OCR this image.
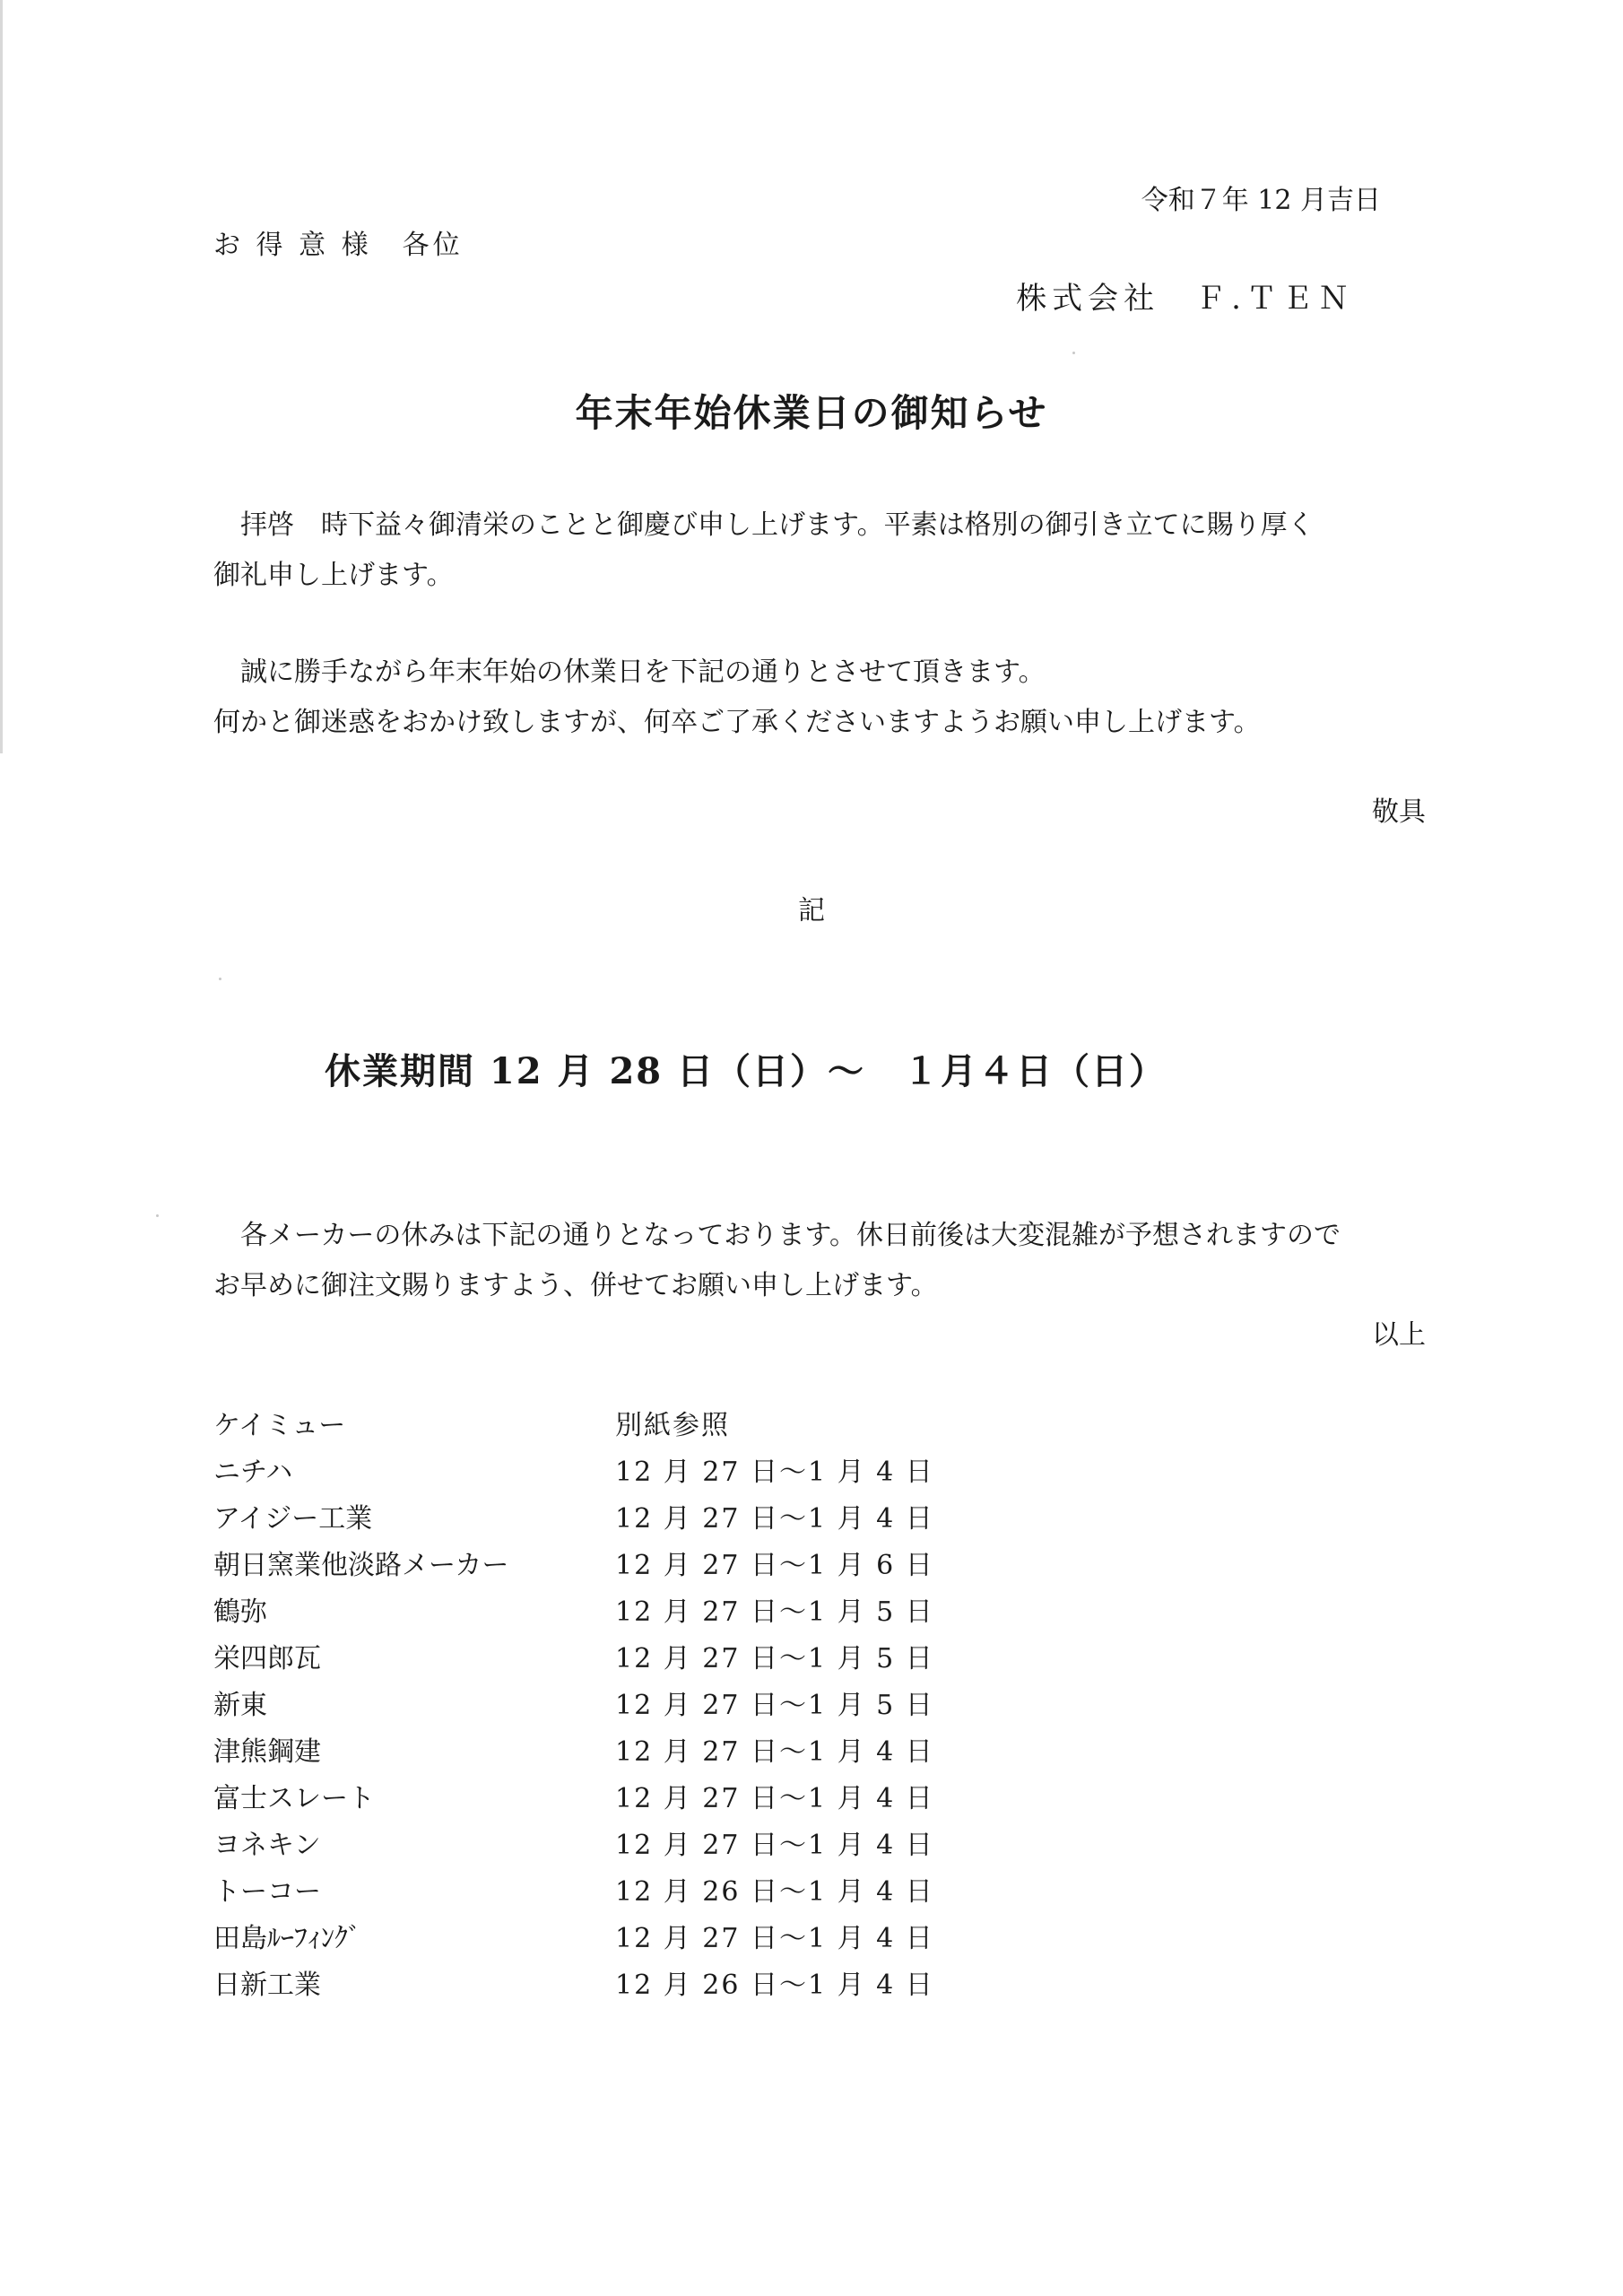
令和７年 12 月吉日
お 得 意 様　各位
株式会社　Ｆ.ＴＥＮ
年末年始休業日の御知らせ
　拝啓　時下益々御清栄のことと御慶び申し上げます。平素は格別の御引き立てに賜り厚く
御礼申し上げます。
　誠に勝手ながら年末年始の休業日を下記の通りとさせて頂きます。
何かと御迷惑をおかけ致しますが、何卒ご了承くださいますようお願い申し上げます。
敬具
記
休業期間 12 月 28 日（日）～　１月４日（日）
　各メーカーの休みは下記の通りとなっております。休日前後は大変混雑が予想されますので
お早めに御注文賜りますよう、併せてお願い申し上げます。
以上
ケイミュー	別紙参照
ニチハ	12 月 27 日～1 月 4 日
アイジー工業	12 月 27 日～1 月 4 日
朝日窯業他淡路メーカー	12 月 27 日～1 月 6 日
鶴弥	12 月 27 日～1 月 5 日
栄四郎瓦	12 月 27 日～1 月 5 日
新東	12 月 27 日～1 月 5 日
津熊鋼建	12 月 27 日～1 月 4 日
富士スレート	12 月 27 日～1 月 4 日
ヨネキン	12 月 27 日～1 月 4 日
トーコー	12 月 26 日～1 月 4 日
田島ﾙｰﾌｨﾝｸﾞ	12 月 27 日～1 月 4 日
日新工業	12 月 26 日～1 月 4 日
